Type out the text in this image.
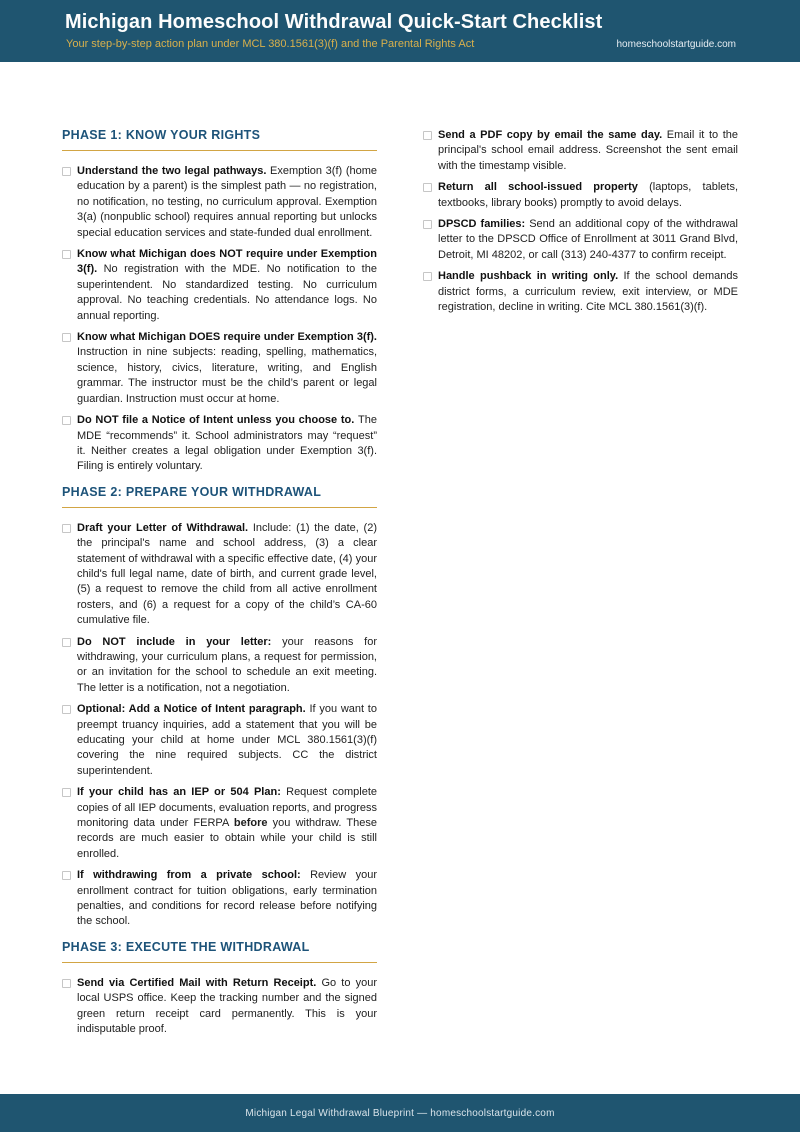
Michigan Homeschool Withdrawal Quick-Start Checklist
Your step-by-step action plan under MCL 380.1561(3)(f) and the Parental Rights Act	homeschoolstartguide.com
PHASE 1: KNOW YOUR RIGHTS
Understand the two legal pathways. Exemption 3(f) (home education by a parent) is the simplest path — no registration, no notification, no testing, no curriculum approval. Exemption 3(a) (nonpublic school) requires annual reporting but unlocks special education services and state-funded dual enrollment.
Know what Michigan does NOT require under Exemption 3(f). No registration with the MDE. No notification to the superintendent. No standardized testing. No curriculum approval. No teaching credentials. No attendance logs. No annual reporting.
Know what Michigan DOES require under Exemption 3(f). Instruction in nine subjects: reading, spelling, mathematics, science, history, civics, literature, writing, and English grammar. The instructor must be the child’s parent or legal guardian. Instruction must occur at home.
Do NOT file a Notice of Intent unless you choose to. The MDE “recommends” it. School administrators may “request” it. Neither creates a legal obligation under Exemption 3(f). Filing is entirely voluntary.
PHASE 2: PREPARE YOUR WITHDRAWAL
Draft your Letter of Withdrawal. Include: (1) the date, (2) the principal's name and school address, (3) a clear statement of withdrawal with a specific effective date, (4) your child's full legal name, date of birth, and current grade level, (5) a request to remove the child from all active enrollment rosters, and (6) a request for a copy of the child’s CA-60 cumulative file.
Do NOT include in your letter: your reasons for withdrawing, your curriculum plans, a request for permission, or an invitation for the school to schedule an exit meeting. The letter is a notification, not a negotiation.
Optional: Add a Notice of Intent paragraph. If you want to preempt truancy inquiries, add a statement that you will be educating your child at home under MCL 380.1561(3)(f) covering the nine required subjects. CC the district superintendent.
If your child has an IEP or 504 Plan: Request complete copies of all IEP documents, evaluation reports, and progress monitoring data under FERPA before you withdraw. These records are much easier to obtain while your child is still enrolled.
If withdrawing from a private school: Review your enrollment contract for tuition obligations, early termination penalties, and conditions for record release before notifying the school.
PHASE 3: EXECUTE THE WITHDRAWAL
Send via Certified Mail with Return Receipt. Go to your local USPS office. Keep the tracking number and the signed green return receipt card permanently. This is your indisputable proof.
Send a PDF copy by email the same day. Email it to the principal's school email address. Screenshot the sent email with the timestamp visible.
Return all school-issued property (laptops, tablets, textbooks, library books) promptly to avoid delays.
DPSCD families: Send an additional copy of the withdrawal letter to the DPSCD Office of Enrollment at 3011 Grand Blvd, Detroit, MI 48202, or call (313) 240-4377 to confirm receipt.
Handle pushback in writing only. If the school demands district forms, a curriculum review, exit interview, or MDE registration, decline in writing. Cite MCL 380.1561(3)(f).
Michigan Legal Withdrawal Blueprint — homeschoolstartguide.com
